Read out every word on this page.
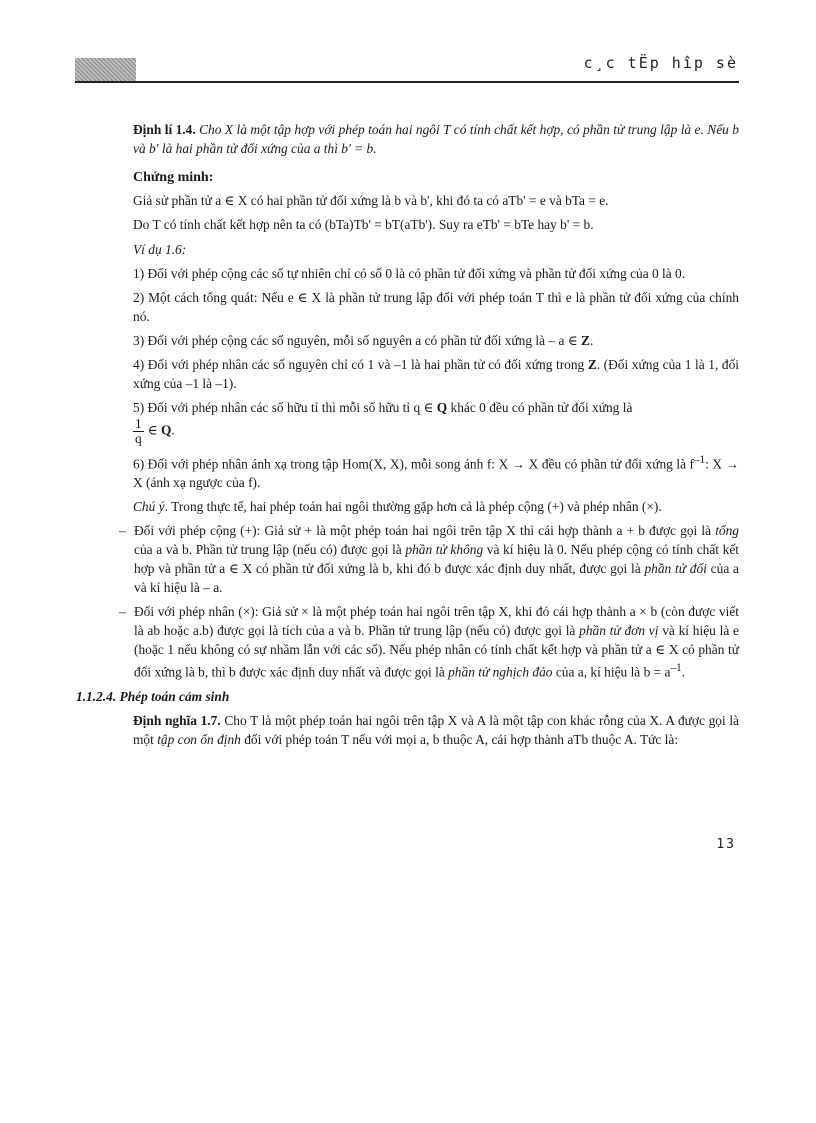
c¸c tËp hîp sè

Định lí 1.4. Cho X là một tập hợp với phép toán hai ngôi T có tính chất kết hợp, có phần tử trung lập là e. Nếu b và b' là hai phần tử đối xứng của a thì b' = b.

Chứng minh:

Giả sử phần tử a ∈ X có hai phần tử đối xứng là b và b', khi đó ta có aTb' = e và bTa = e.

Do T có tính chất kết hợp nên ta có (bTa)Tb' = bT(aTb'). Suy ra eTb' = bTe hay b' = b.

Ví dụ 1.6:

1) Đối với phép cộng các số tự nhiên chỉ có số 0 là có phần tử đối xứng và phần tử đối xứng của 0 là 0.

2) Một cách tổng quát: Nếu e ∈ X là phần tử trung lập đối với phép toán T thì e là phần tử đối xứng của chính nó.

3) Đối với phép cộng các số nguyên, mỗi số nguyên a có phần tử đối xứng là – a ∈ Z.

4) Đối với phép nhân các số nguyên chỉ có 1 và –1 là hai phần tử có đối xứng trong Z. (Đối xứng của 1 là 1, đối xứng của –1 là –1).

5) Đối với phép nhân các số hữu tỉ thì mỗi số hữu tỉ q ∈ Q khác 0 đều có phần tử đối xứng là

$\frac{1}{q}$ ∈ Q.

6) Đối với phép nhân ánh xạ trong tập Hom(X, X), mỗi song ánh f: X → X đều có phần tử đối xứng là $f^{-1}$: X → X (ánh xạ ngược của f).

Chú ý. Trong thực tế, hai phép toán hai ngôi thường gặp hơn cả là phép cộng (+) và phép nhân (×).

– Đối với phép cộng (+): Giả sử + là một phép toán hai ngôi trên tập X thì cái hợp thành a + b được gọi là tổng của a và b. Phần tử trung lập (nếu có) được gọi là phần tử không và kí hiệu là 0. Nếu phép cộng có tính chất kết hợp và phần tử a ∈ X có phần tử đối xứng là b, khi đó b được xác định duy nhất, được gọi là phần tử đối của a và kí hiệu là – a.

– Đối với phép nhân (×): Giả sử × là một phép toán hai ngôi trên tập X, khi đó cái hợp thành a × b (còn được viết là ab hoặc a.b) được gọi là tích của a và b. Phần tử trung lập (nếu có) được gọi là phần tử đơn vị và kí hiệu là e (hoặc 1 nếu không có sự nhầm lẫn với các số). Nếu phép nhân có tính chất kết hợp và phần tử a ∈ X có phần tử đối xứng là b, thì b được xác định duy nhất và được gọi là phần tử nghịch đảo của a, kí hiệu là $b = a^{-1}$.

1.1.2.4. Phép toán cảm sinh

Định nghĩa 1.7. Cho T là một phép toán hai ngôi trên tập X và A là một tập con khác rỗng của X. A được gọi là một tập con ổn định đối với phép toán T nếu với mọi a, b thuộc A, cái hợp thành aTb thuộc A. Tức là:

13
